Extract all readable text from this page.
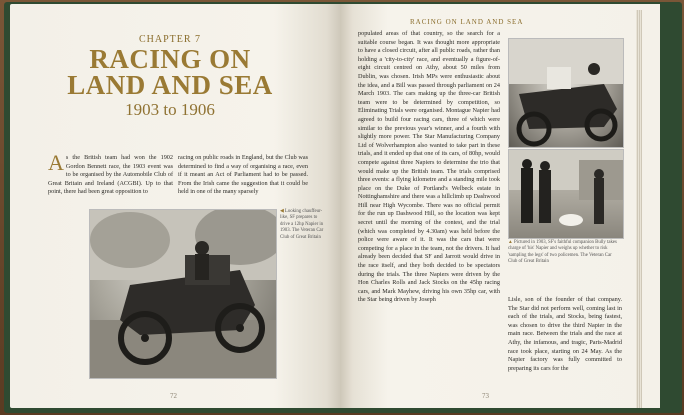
CHAPTER 7
RACING ON
LAND AND SEA
1903 to 1906
As the British team had won the 1902 Gordon Bennett race, the 1903 event was to be organised by the Automobile Club of Great Britain and Ireland (ACGBI). Up to that point, there had been great opposition to
racing on public roads in England, but the Club was determined to find a way of organising a race, even if it meant an Act of Parliament had to be passed. From the Irish came the suggestion that it could be held in one of the many sparsely
◀ Looking chauffeur-like, SF prepares to drive a 12hp Napier in 1903. The Veteran Car Club of Great Britain
72
RACING ON LAND AND SEA
populated areas of that country, so the search for a suitable course began. It was thought more appropriate to have a closed circuit, after all public roads, rather than holding a 'city-to-city' race, and eventually a figure-of-eight circuit centred on Athy, about 50 miles from Dublin, was chosen. Irish MPs were enthusiastic about the idea, and a Bill was passed through parliament on 24 March 1903. The cars making up the three-car British team were to be determined by competition, so Eliminating Trials were organised. Montague Napier had agreed to build four racing cars, three of which were similar to the previous year's winner, and a fourth with slightly more power. The Star Manufacturing Company Ltd of Wolverhampton also wanted to take part in these trials, and it ended up that one of its cars, of 80hp, would compete against three Napiers to determine the trio that would make up the British team. The trials comprised three events: a flying kilometre and a standing mile took place on the Duke of Portland's Welbeck estate in Nottinghamshire and there was a hillclimb up Dashwood Hill near High Wycombe. There was no official permit for the run up Dashwood Hill, so the location was kept secret until the morning of the contest, and the trial (which was completed by 4.30am) was held before the police were aware of it. It was the cars that were competing for a place in the team, not the drivers. It had already been decided that SF and Jarrott would drive in the race itself, and they both decided to be spectators during the trials. The three Napiers were driven by the Hon Charles Rolls and Jack Stocks on the 45hp racing cars, and Mark Mayhew, driving his own 35hp car, with the Star being driven by Joseph
▲ Pictured in 1903, SF's faithful companion Bully takes charge of 'his' Napier and weighs up whether to risk 'sampling the legs' of two policemen. The Veteran Car Club of Great Britain
Lisle, son of the founder of that company. The Star did not perform well, coming last in each of the trials, and Stocks, being fastest, was chosen to drive the third Napier in the main race. Between the trials and the race at Athy, the infamous, and tragic, Paris-Madrid race took place, starting on 24 May. As the Napier factory was fully committed to preparing its cars for the
73
